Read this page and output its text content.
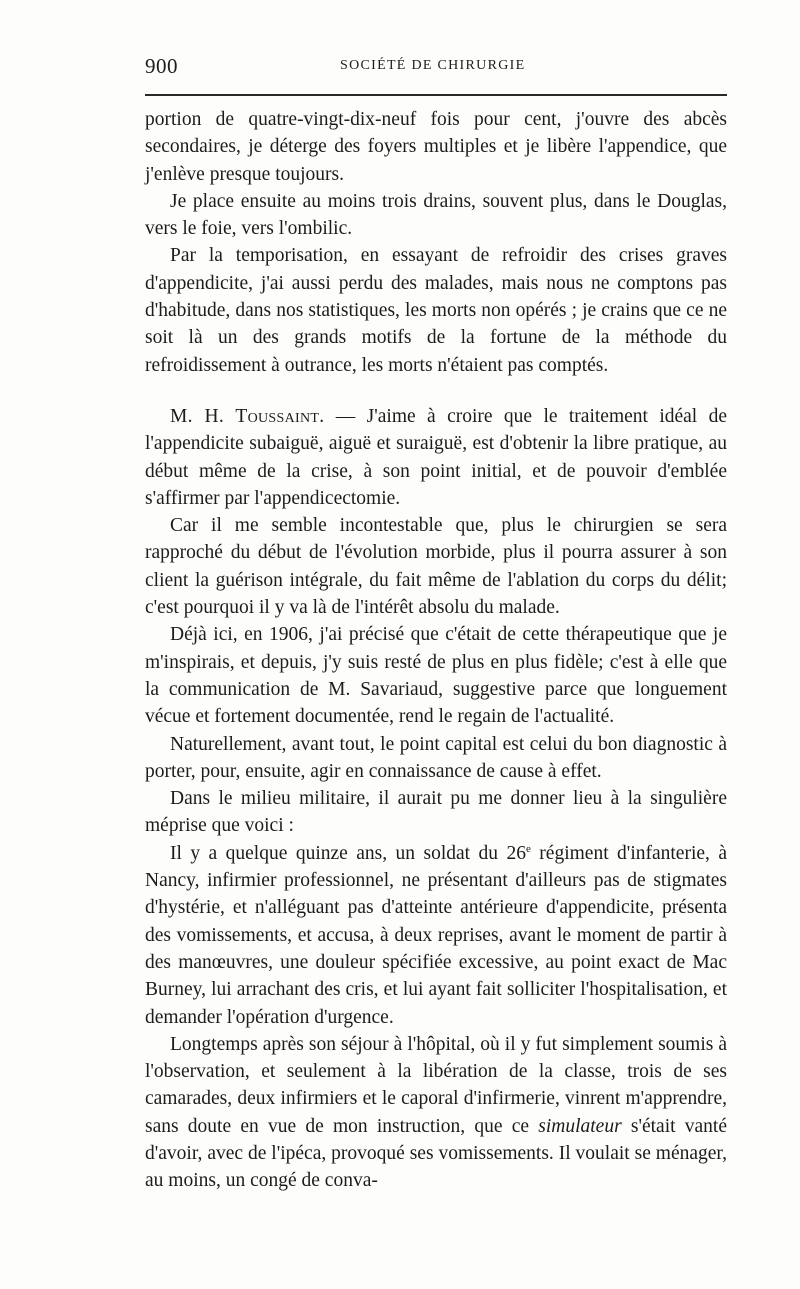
900	SOCIÉTÉ DE CHIRURGIE

portion de quatre-vingt-dix-neuf fois pour cent, j'ouvre des abcès secondaires, je déterge des foyers multiples et je libère l'appendice, que j'enlève presque toujours.

Je place ensuite au moins trois drains, souvent plus, dans le Douglas, vers le foie, vers l'ombilic.

Par la temporisation, en essayant de refroidir des crises graves d'appendicite, j'ai aussi perdu des malades, mais nous ne comptons pas d'habitude, dans nos statistiques, les morts non opérés ; je crains que ce ne soit là un des grands motifs de la fortune de la méthode du refroidissement à outrance, les morts n'étaient pas comptés.

M. H. Toussaint. — J'aime à croire que le traitement idéal de l'appendicite subaiguë, aiguë et suraiguë, est d'obtenir la libre pratique, au début même de la crise, à son point initial, et de pouvoir d'emblée s'affirmer par l'appendicectomie.

Car il me semble incontestable que, plus le chirurgien se sera rapproché du début de l'évolution morbide, plus il pourra assurer à son client la guérison intégrale, du fait même de l'ablation du corps du délit; c'est pourquoi il y va là de l'intérêt absolu du malade.

Déjà ici, en 1906, j'ai précisé que c'était de cette thérapeutique que je m'inspirais, et depuis, j'y suis resté de plus en plus fidèle; c'est à elle que la communication de M. Savariaud, suggestive parce que longuement vécue et fortement documentée, rend le regain de l'actualité.

Naturellement, avant tout, le point capital est celui du bon diagnostic à porter, pour, ensuite, agir en connaissance de cause à effet.

Dans le milieu militaire, il aurait pu me donner lieu à la singulière méprise que voici :

Il y a quelque quinze ans, un soldat du 26e régiment d'infanterie, à Nancy, infirmier professionnel, ne présentant d'ailleurs pas de stigmates d'hystérie, et n'alléguant pas d'atteinte antérieure d'appendicite, présenta des vomissements, et accusa, à deux reprises, avant le moment de partir à des manœuvres, une douleur spécifiée excessive, au point exact de Mac Burney, lui arrachant des cris, et lui ayant fait solliciter l'hospitalisation, et demander l'opération d'urgence.

Longtemps après son séjour à l'hôpital, où il y fut simplement soumis à l'observation, et seulement à la libération de la classe, trois de ses camarades, deux infirmiers et le caporal d'infirmerie, vinrent m'apprendre, sans doute en vue de mon instruction, que ce simulateur s'était vanté d'avoir, avec de l'ipéca, provoqué ses vomissements. Il voulait se ménager, au moins, un congé de conva-
